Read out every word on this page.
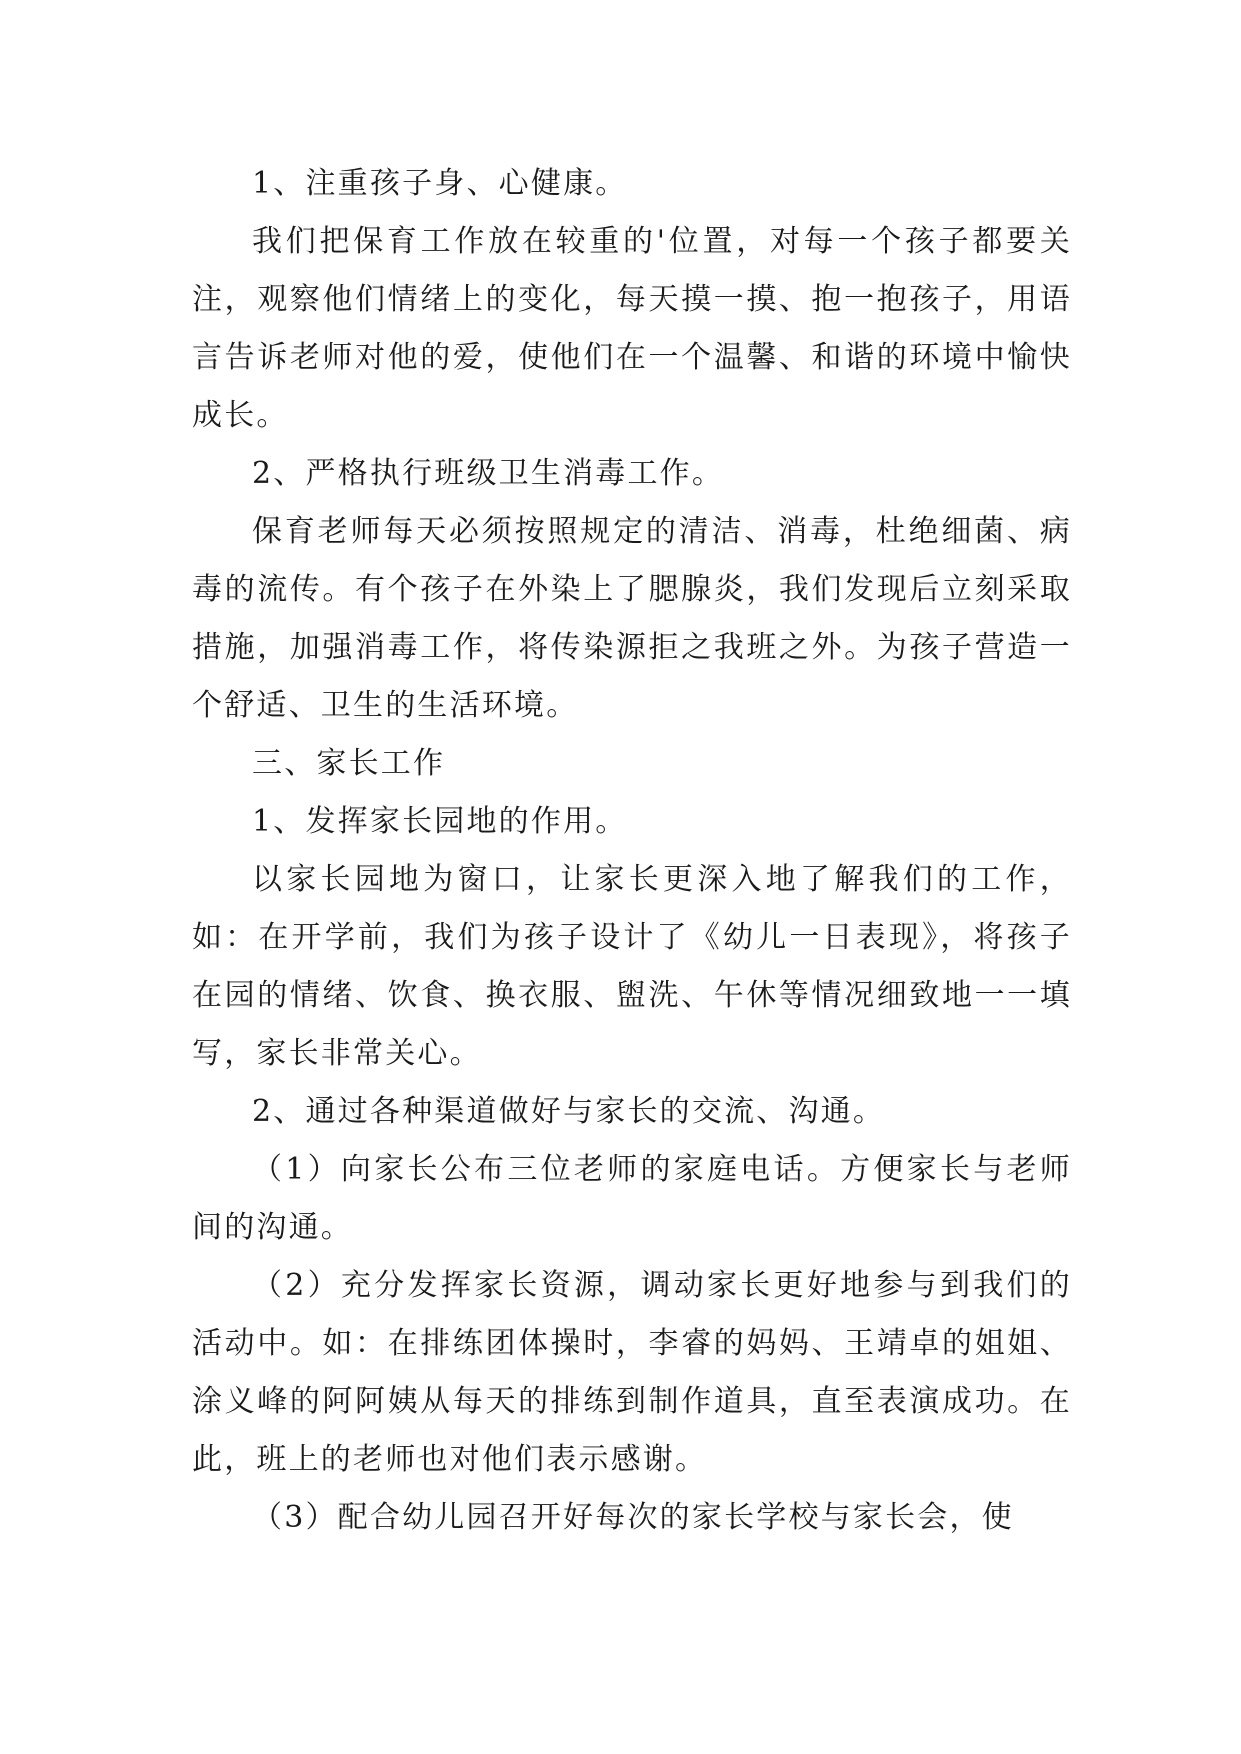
1、注重孩子身、心健康。

我们把保育工作放在较重的'位置，对每一个孩子都要关注，观察他们情绪上的变化，每天摸一摸、抱一抱孩子，用语言告诉老师对他的爱，使他们在一个温馨、和谐的环境中愉快成长。

2、严格执行班级卫生消毒工作。

保育老师每天必须按照规定的清洁、消毒，杜绝细菌、病毒的流传。有个孩子在外染上了腮腺炎，我们发现后立刻采取措施，加强消毒工作，将传染源拒之我班之外。为孩子营造一个舒适、卫生的生活环境。

三、家长工作

1、发挥家长园地的作用。

以家长园地为窗口，让家长更深入地了解我们的工作，如：在开学前，我们为孩子设计了《幼儿一日表现》，将孩子在园的情绪、饮食、换衣服、盥洗、午休等情况细致地一一填写，家长非常关心。

2、通过各种渠道做好与家长的交流、沟通。

（1）向家长公布三位老师的家庭电话。方便家长与老师间的沟通。

（2）充分发挥家长资源，调动家长更好地参与到我们的活动中。如：在排练团体操时，李睿的妈妈、王靖卓的姐姐、涂义峰的阿阿姨从每天的排练到制作道具，直至表演成功。在此，班上的老师也对他们表示感谢。

（3）配合幼儿园召开好每次的家长学校与家长会，使
